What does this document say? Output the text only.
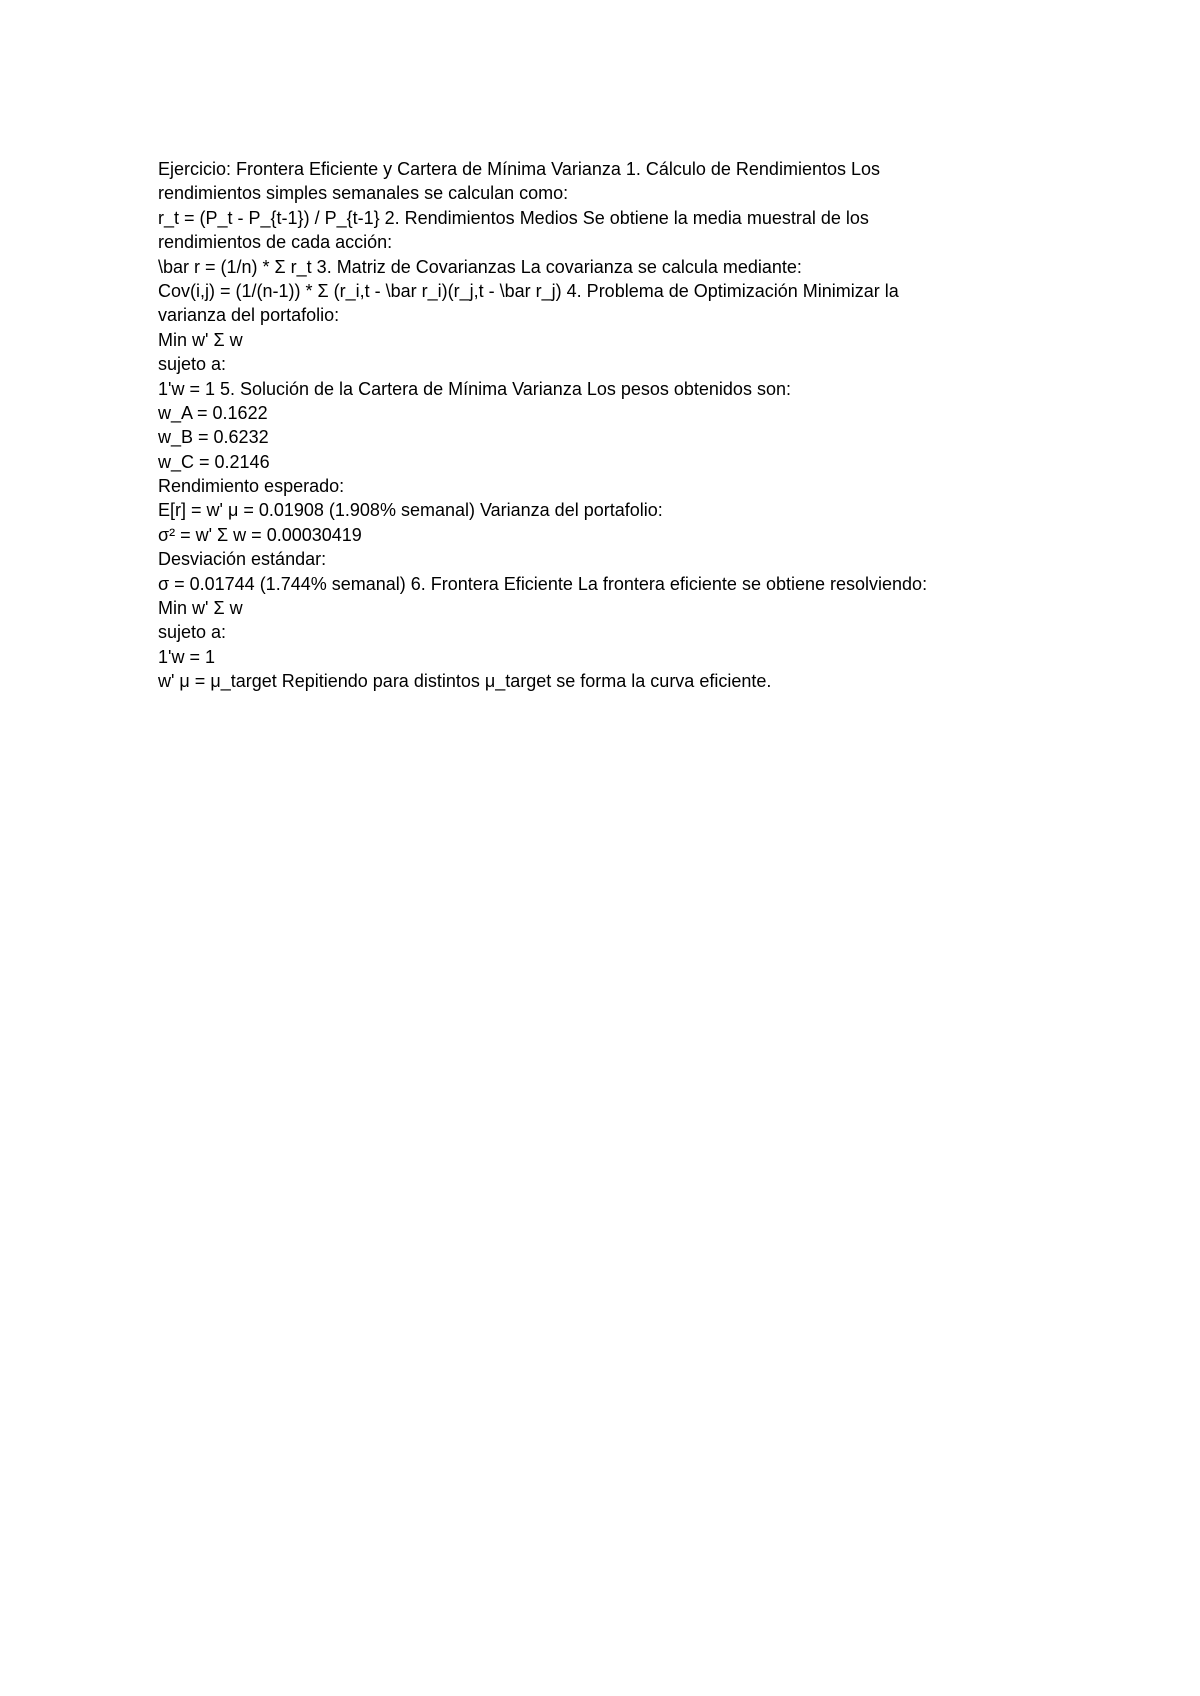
Ejercicio: Frontera Eficiente y Cartera de Mínima Varianza 1. Cálculo de Rendimientos Los
rendimientos simples semanales se calculan como:
r_t = (P_t - P_{t-1}) / P_{t-1} 2. Rendimientos Medios Se obtiene la media muestral de los
rendimientos de cada acción:
\bar r = (1/n) * Σ r_t 3. Matriz de Covarianzas La covarianza se calcula mediante:
Cov(i,j) = (1/(n-1)) * Σ (r_i,t - \bar r_i)(r_j,t - \bar r_j) 4. Problema de Optimización Minimizar la
varianza del portafolio:
Min w' Σ w
sujeto a:
1'w = 1 5. Solución de la Cartera de Mínima Varianza Los pesos obtenidos son:
w_A = 0.1622
w_B = 0.6232
w_C = 0.2146
Rendimiento esperado:
E[r] = w' μ = 0.01908 (1.908% semanal) Varianza del portafolio:
σ² = w' Σ w = 0.00030419
Desviación estándar:
σ = 0.01744 (1.744% semanal) 6. Frontera Eficiente La frontera eficiente se obtiene resolviendo:
Min w' Σ w
sujeto a:
1'w = 1
w' μ = μ_target Repitiendo para distintos μ_target se forma la curva eficiente.
